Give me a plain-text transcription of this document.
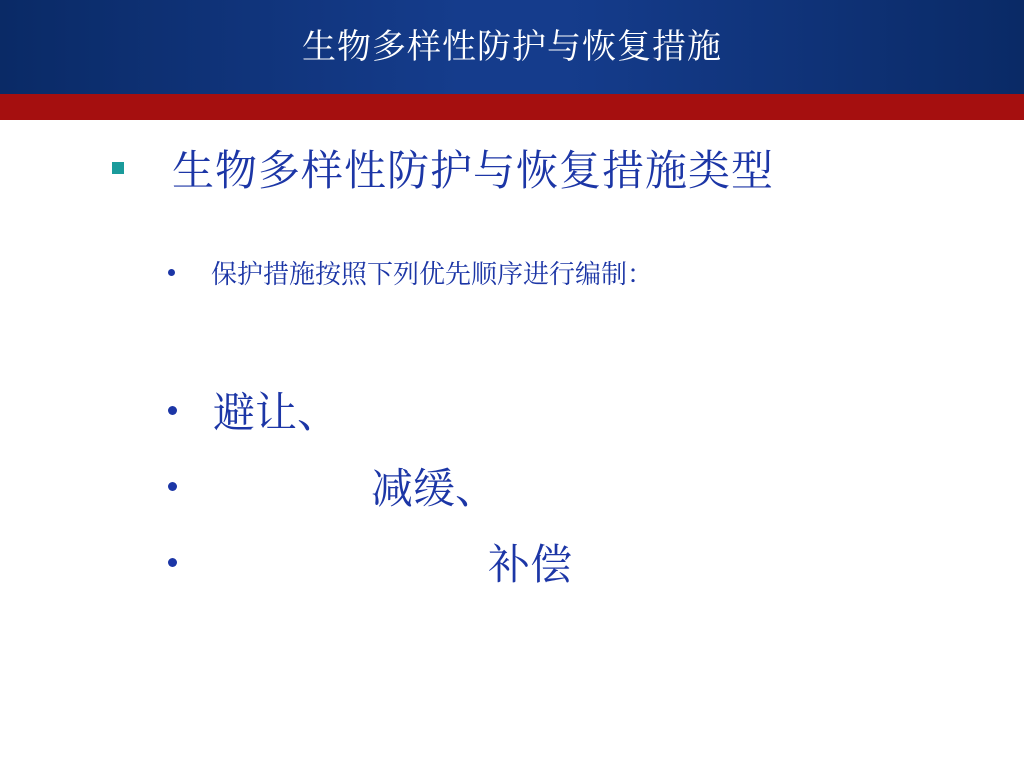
生物多样性防护与恢复措施
生物多样性防护与恢复措施类型
保护措施按照下列优先顺序进行编制：
避让、
减缓、
补偿
